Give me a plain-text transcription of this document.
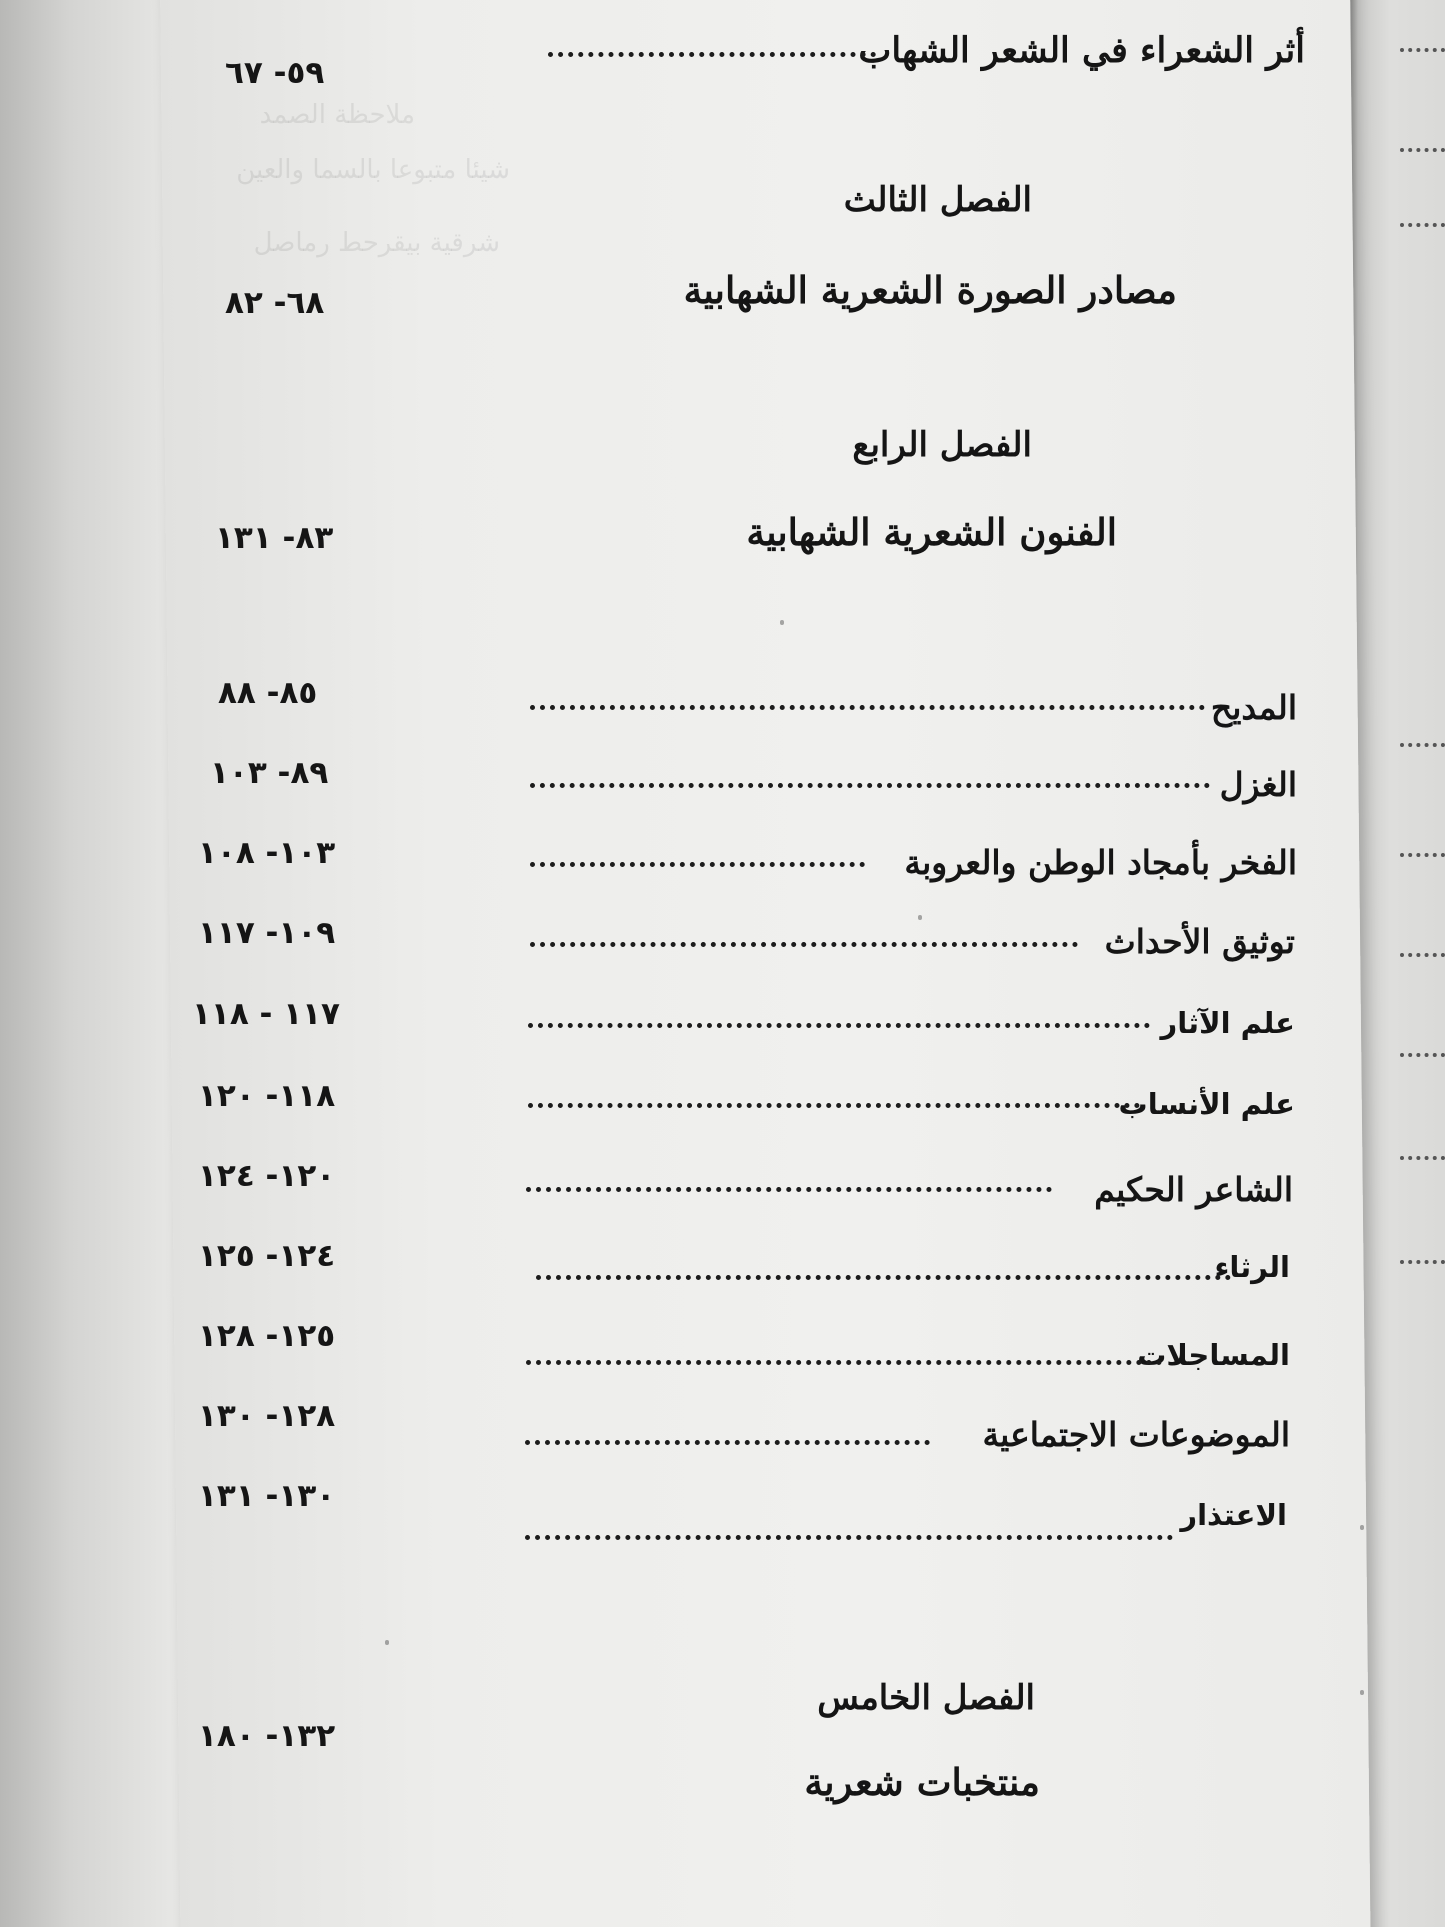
ملاحظة الصمد
شيئا متبوعا بالسما والعين
شرقية بيقرحط رماصل
أثر الشعراء في الشعر الشهاب
٥٩- ٦٧
الفصل الثالث
مصادر الصورة الشعرية الشهابية
٦٨- ٨٢
الفصل الرابع
الفنون الشعرية الشهابية
٨٣- ١٣١
المديح
٨٥- ٨٨
الغزل
٨٩- ١٠٣
الفخر بأمجاد الوطن والعروبة
١٠٣- ١٠٨
توثيق الأحداث
١٠٩- ١١٧
علم الآثار
١١٧ - ١١٨
علم الأنساب
١١٨- ١٢٠
الشاعر الحكيم
١٢٠- ١٢٤
الرثاء
١٢٤- ١٢٥
المساجلات
١٢٥- ١٢٨
الموضوعات الاجتماعية
١٢٨- ١٣٠
الاعتذار
١٣٠- ١٣١
الفصل الخامس
١٣٢- ١٨٠
منتخبات شعرية
